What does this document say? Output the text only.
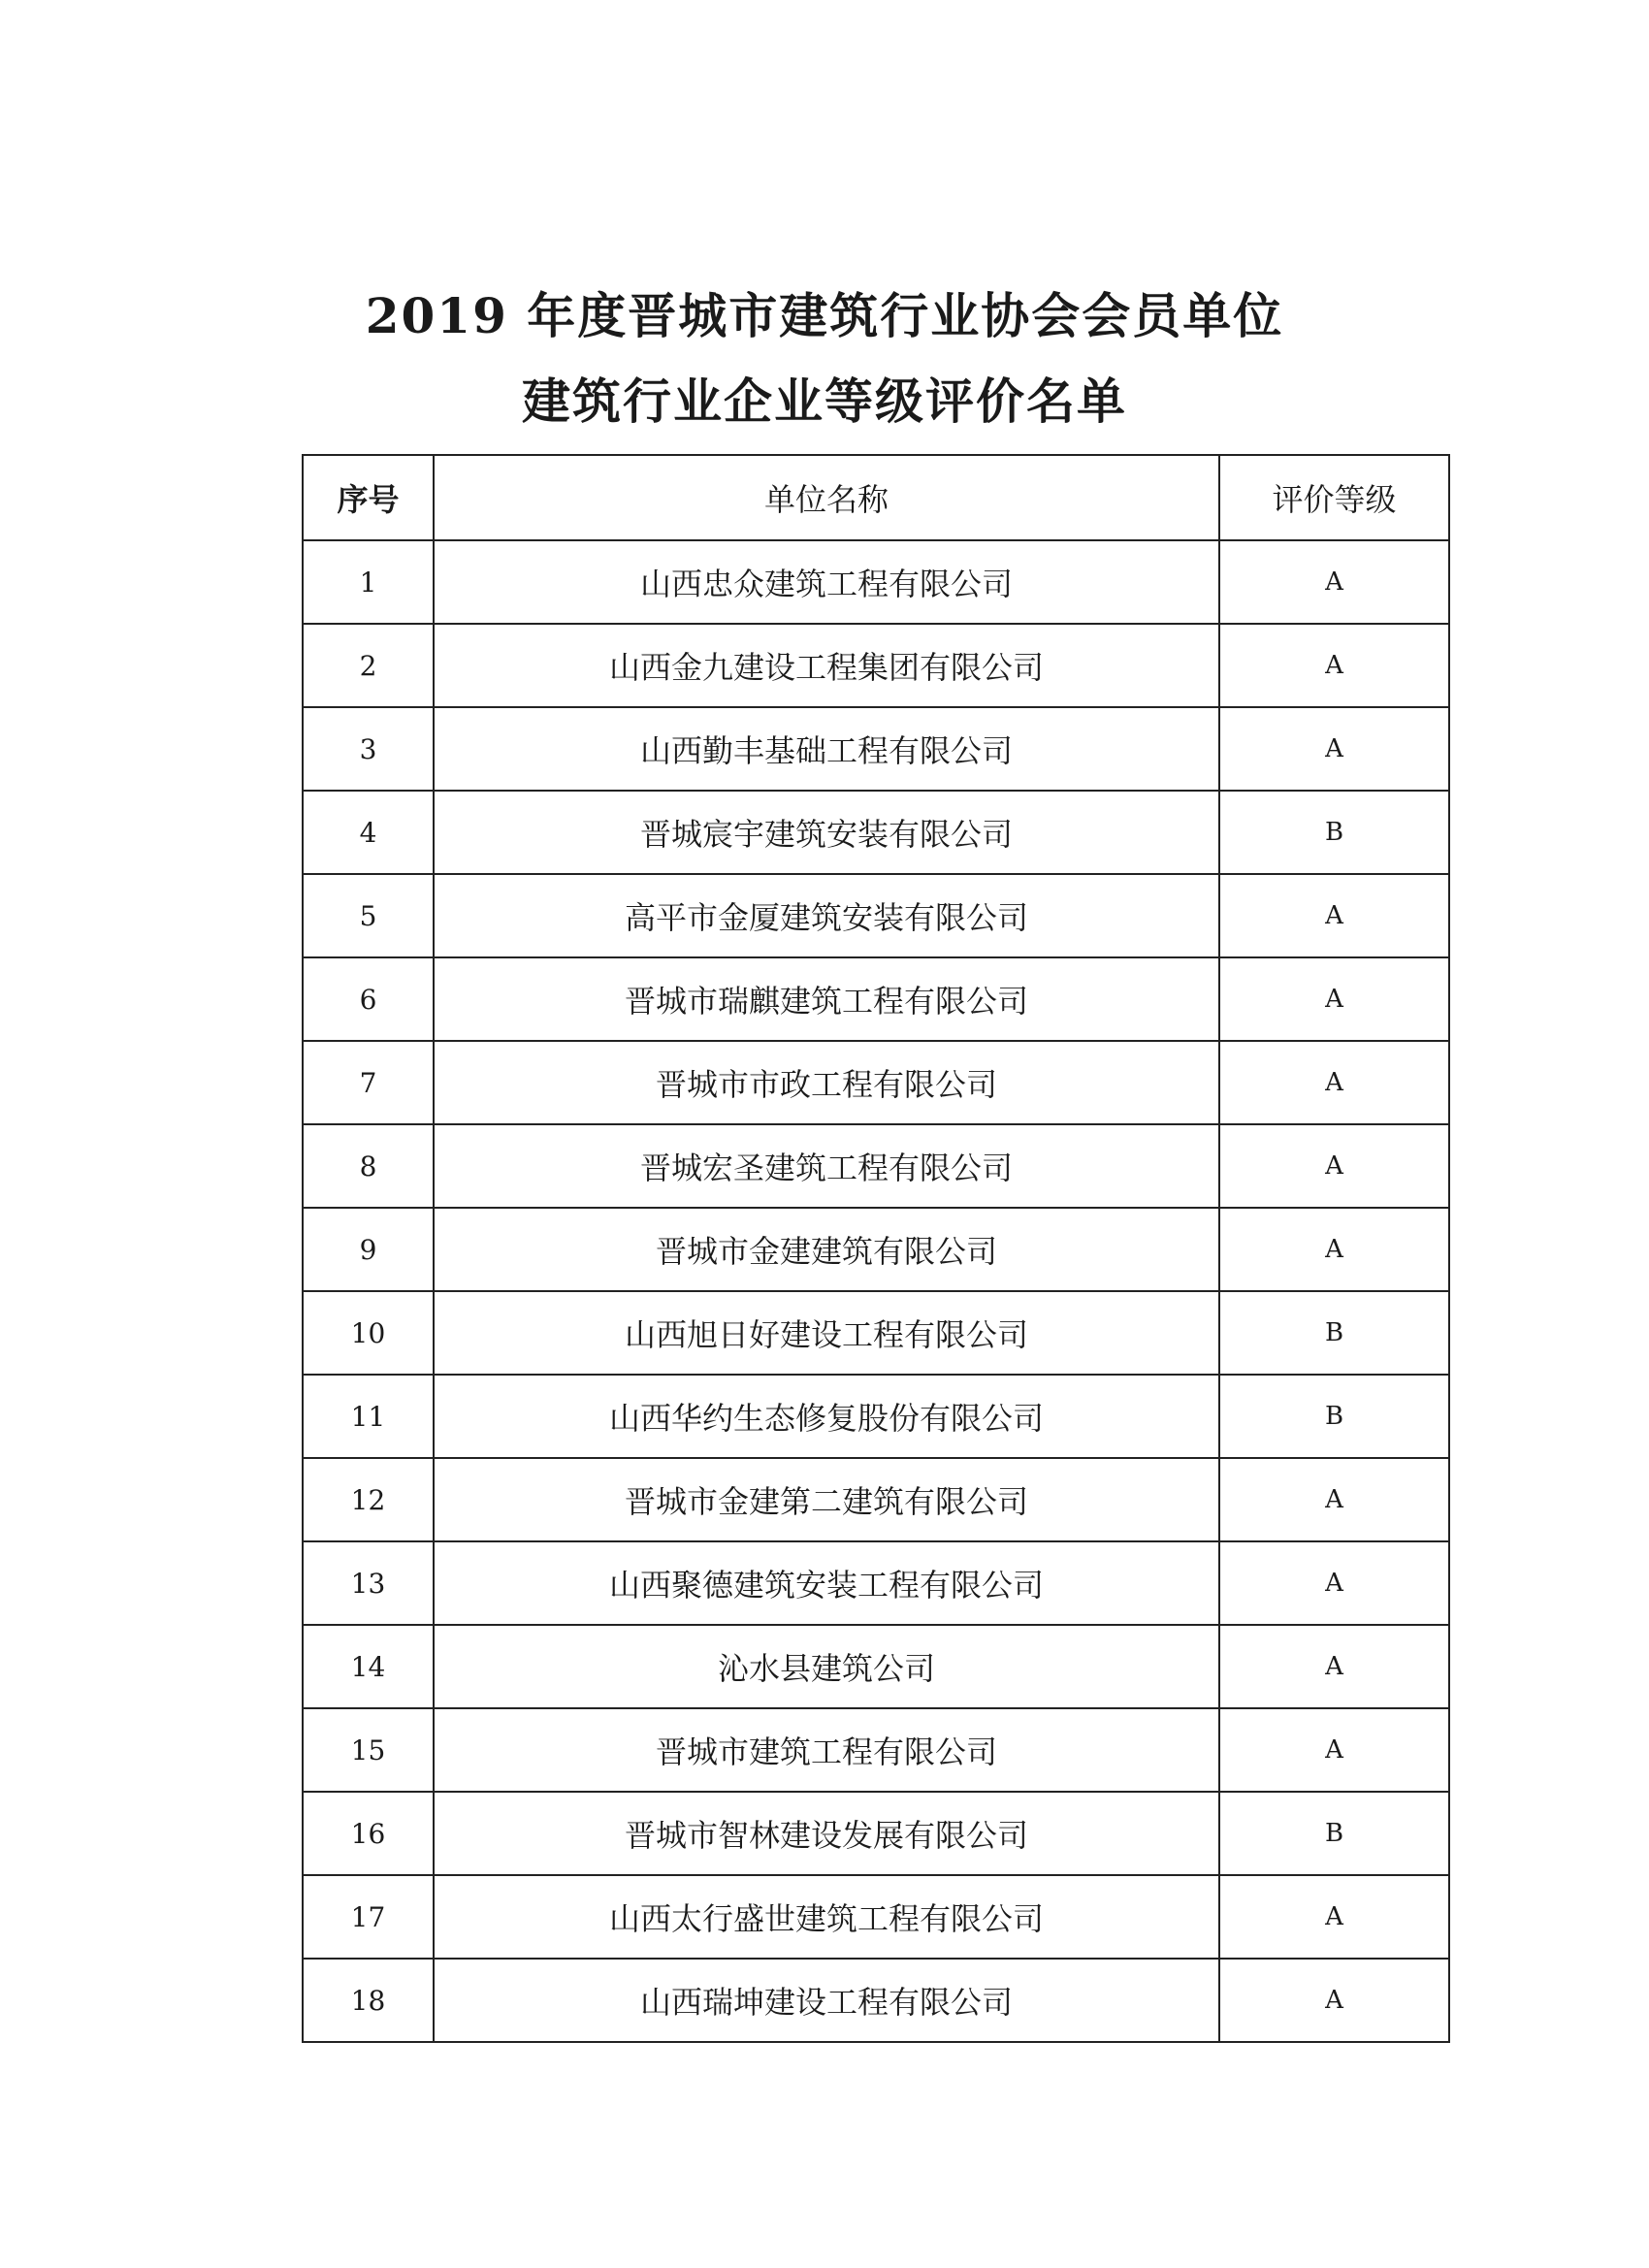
2019 年度晋城市建筑行业协会会员单位
建筑行业企业等级评价名单
序号	单位名称	评价等级
1	山西忠众建筑工程有限公司	A
2	山西金九建设工程集团有限公司	A
3	山西勤丰基础工程有限公司	A
4	晋城宸宇建筑安装有限公司	B
5	高平市金厦建筑安装有限公司	A
6	晋城市瑞麒建筑工程有限公司	A
7	晋城市市政工程有限公司	A
8	晋城宏圣建筑工程有限公司	A
9	晋城市金建建筑有限公司	A
10	山西旭日好建设工程有限公司	B
11	山西华约生态修复股份有限公司	B
12	晋城市金建第二建筑有限公司	A
13	山西聚德建筑安装工程有限公司	A
14	沁水县建筑公司	A
15	晋城市建筑工程有限公司	A
16	晋城市智林建设发展有限公司	B
17	山西太行盛世建筑工程有限公司	A
18	山西瑞坤建设工程有限公司	A
